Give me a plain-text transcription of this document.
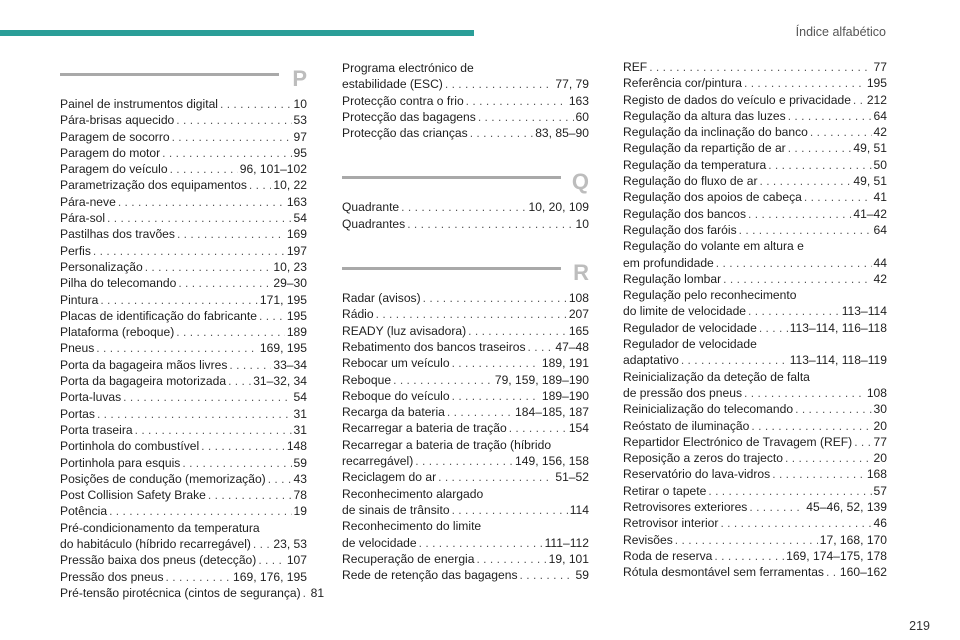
Índice alfabético
P
Painel de instrumentos digital . . .	10
Pára-brisas aquecido . . .	53
Paragem de socorro . . .	97
Paragem do motor . . .	95
Paragem do veículo . . .	96, 101–102
Parametrização dos equipamentos . . . 10, 22
Pára-neve . . .	163
Pára-sol . . .	54
Pastilhas dos travões . . .	169
Perfis . . .	197
Personalização . . .	10, 23
Pilha do telecomando . . .	29–30
Pintura . . .	171, 195
Placas de identificação do fabricante . . . 195
Plataforma (reboque) . . .	189
Pneus . . .	169, 195
Porta da bagageira mãos livres . . .	33–34
Porta da bagageira motorizada . . . 31–32, 34
Porta-luvas . . .	54
Portas . . .	31
Porta traseira . . .	31
Portinhola do combustível . . .	148
Portinhola para esquis . . .	59
Posições de condução (memorização) . . . 43
Post Collision Safety Brake . . .	78
Potência . . .	19
Pré-condicionamento da temperatura
do habitáculo (híbrido recarregável) . . . 23, 53
Pressão baixa dos pneus (detecção) . . .	107
Pressão dos pneus . . .	169, 176, 195
Pré-tensão pirotécnica (cintos de segurança) . . . 81
Programa electrónico de
estabilidade (ESC) . . .	77, 79
Protecção contra o frio . . .	163
Protecção das bagagens . . .	60
Protecção das crianças . . .	83, 85–90
Q
Quadrante . . .	10, 20, 109
Quadrantes . . .	10
R
Radar (avisos) . . .	108
Rádio . . .	207
READY (luz avisadora) . . .	165
Rebatimento dos bancos traseiros . . . 47–48
Rebocar um veículo . . .	189, 191
Reboque . . .	79, 159, 189–190
Reboque do veículo . . .	189–190
Recarga da bateria . . .	184–185, 187
Recarregar a bateria de tração . . .	154
Recarregar a bateria de tração (híbrido
recarregável) . . .	149, 156, 158
Reciclagem do ar . . .	51–52
Reconhecimento alargado
de sinais de trânsito . . .	114
Reconhecimento do limite
de velocidade . . .	111–112
Recuperação de energia . . .	19, 101
Rede de retenção das bagagens . . .	59
REF . . .	77
Referência cor/pintura . . .	195
Registo de dados do veículo e privacidade . . . 212
Regulação da altura das luzes . . .	64
Regulação da inclinação do banco . . .	42
Regulação da repartição de ar . . .	49, 51
Regulação da temperatura . . .	50
Regulação do fluxo de ar . . .	49, 51
Regulação dos apoios de cabeça . . .	41
Regulação dos bancos . . .	41–42
Regulação dos faróis . . .	64
Regulação do volante em altura e
em profundidade . . .	44
Regulação lombar . . .	42
Regulação pelo reconhecimento
do limite de velocidade . . .	113–114
Regulador de velocidade . . .	113–114, 116–118
Regulador de velocidade
adaptativo . . .	113–114, 118–119
Reinicialização da deteção de falta
de pressão dos pneus . . .	108
Reinicialização do telecomando . . .	30
Reóstato de iluminação . . .	20
Repartidor Electrónico de Travagem (REF) . . . 77
Reposição a zeros do trajecto . . .	20
Reservatório do lava-vidros . . .	168
Retirar o tapete . . .	57
Retrovisores exteriores . . .	45–46, 52, 139
Retrovisor interior . . .	46
Revisões . . .	17, 168, 170
Roda de reserva . . .	169, 174–175, 178
Rótula desmontável sem ferramentas . . . 160–162
219
